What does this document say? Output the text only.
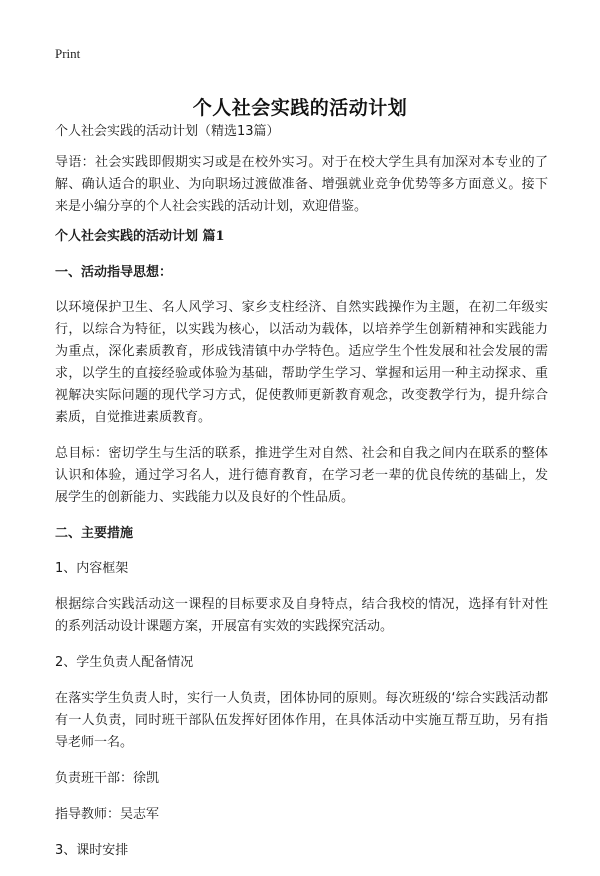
Print
个人社会实践的活动计划

个人社会实践的活动计划（精选13篇）

导语：社会实践即假期实习或是在校外实习。对于在校大学生具有加深对本专业的了解、确认适合的职业、为向职场过渡做准备、增强就业竞争优势等多方面意义。接下来是小编分享的个人社会实践的活动计划，欢迎借鉴。

个人社会实践的活动计划 篇1
一、活动指导思想：

以环境保护卫生、名人风学习、家乡支柱经济、自然实践操作为主题，在初二年级实行，以综合为特征，以实践为核心，以活动为载体，以培养学生创新精神和实践能力为重点，深化素质教育，形成钱清镇中办学特色。适应学生个性发展和社会发展的需求，以学生的直接经验或体验为基础，帮助学生学习、掌握和运用一种主动探求、重视解决实际问题的现代学习方式，促使教师更新教育观念，改变教学行为，提升综合素质，自觉推进素质教育。

总目标：密切学生与生活的联系，推进学生对自然、社会和自我之间内在联系的整体认识和体验，通过学习名人，进行德育教育，在学习老一辈的优良传统的基础上，发展学生的创新能力、实践能力以及良好的个性品质。

二、主要措施

1、内容框架

根据综合实践活动这一课程的目标要求及自身特点，结合我校的情况，选择有针对性的系列活动设计课题方案，开展富有实效的实践探究活动。

2、学生负责人配备情况

在落实学生负责人时，实行一人负责，团体协同的原则。每次班级的‘综合实践活动都有一人负责，同时班干部队伍发挥好团体作用，在具体活动中实施互帮互助，另有指导老师一名。

负责班干部：徐凯

指导教师：吴志军

3、课时安排
